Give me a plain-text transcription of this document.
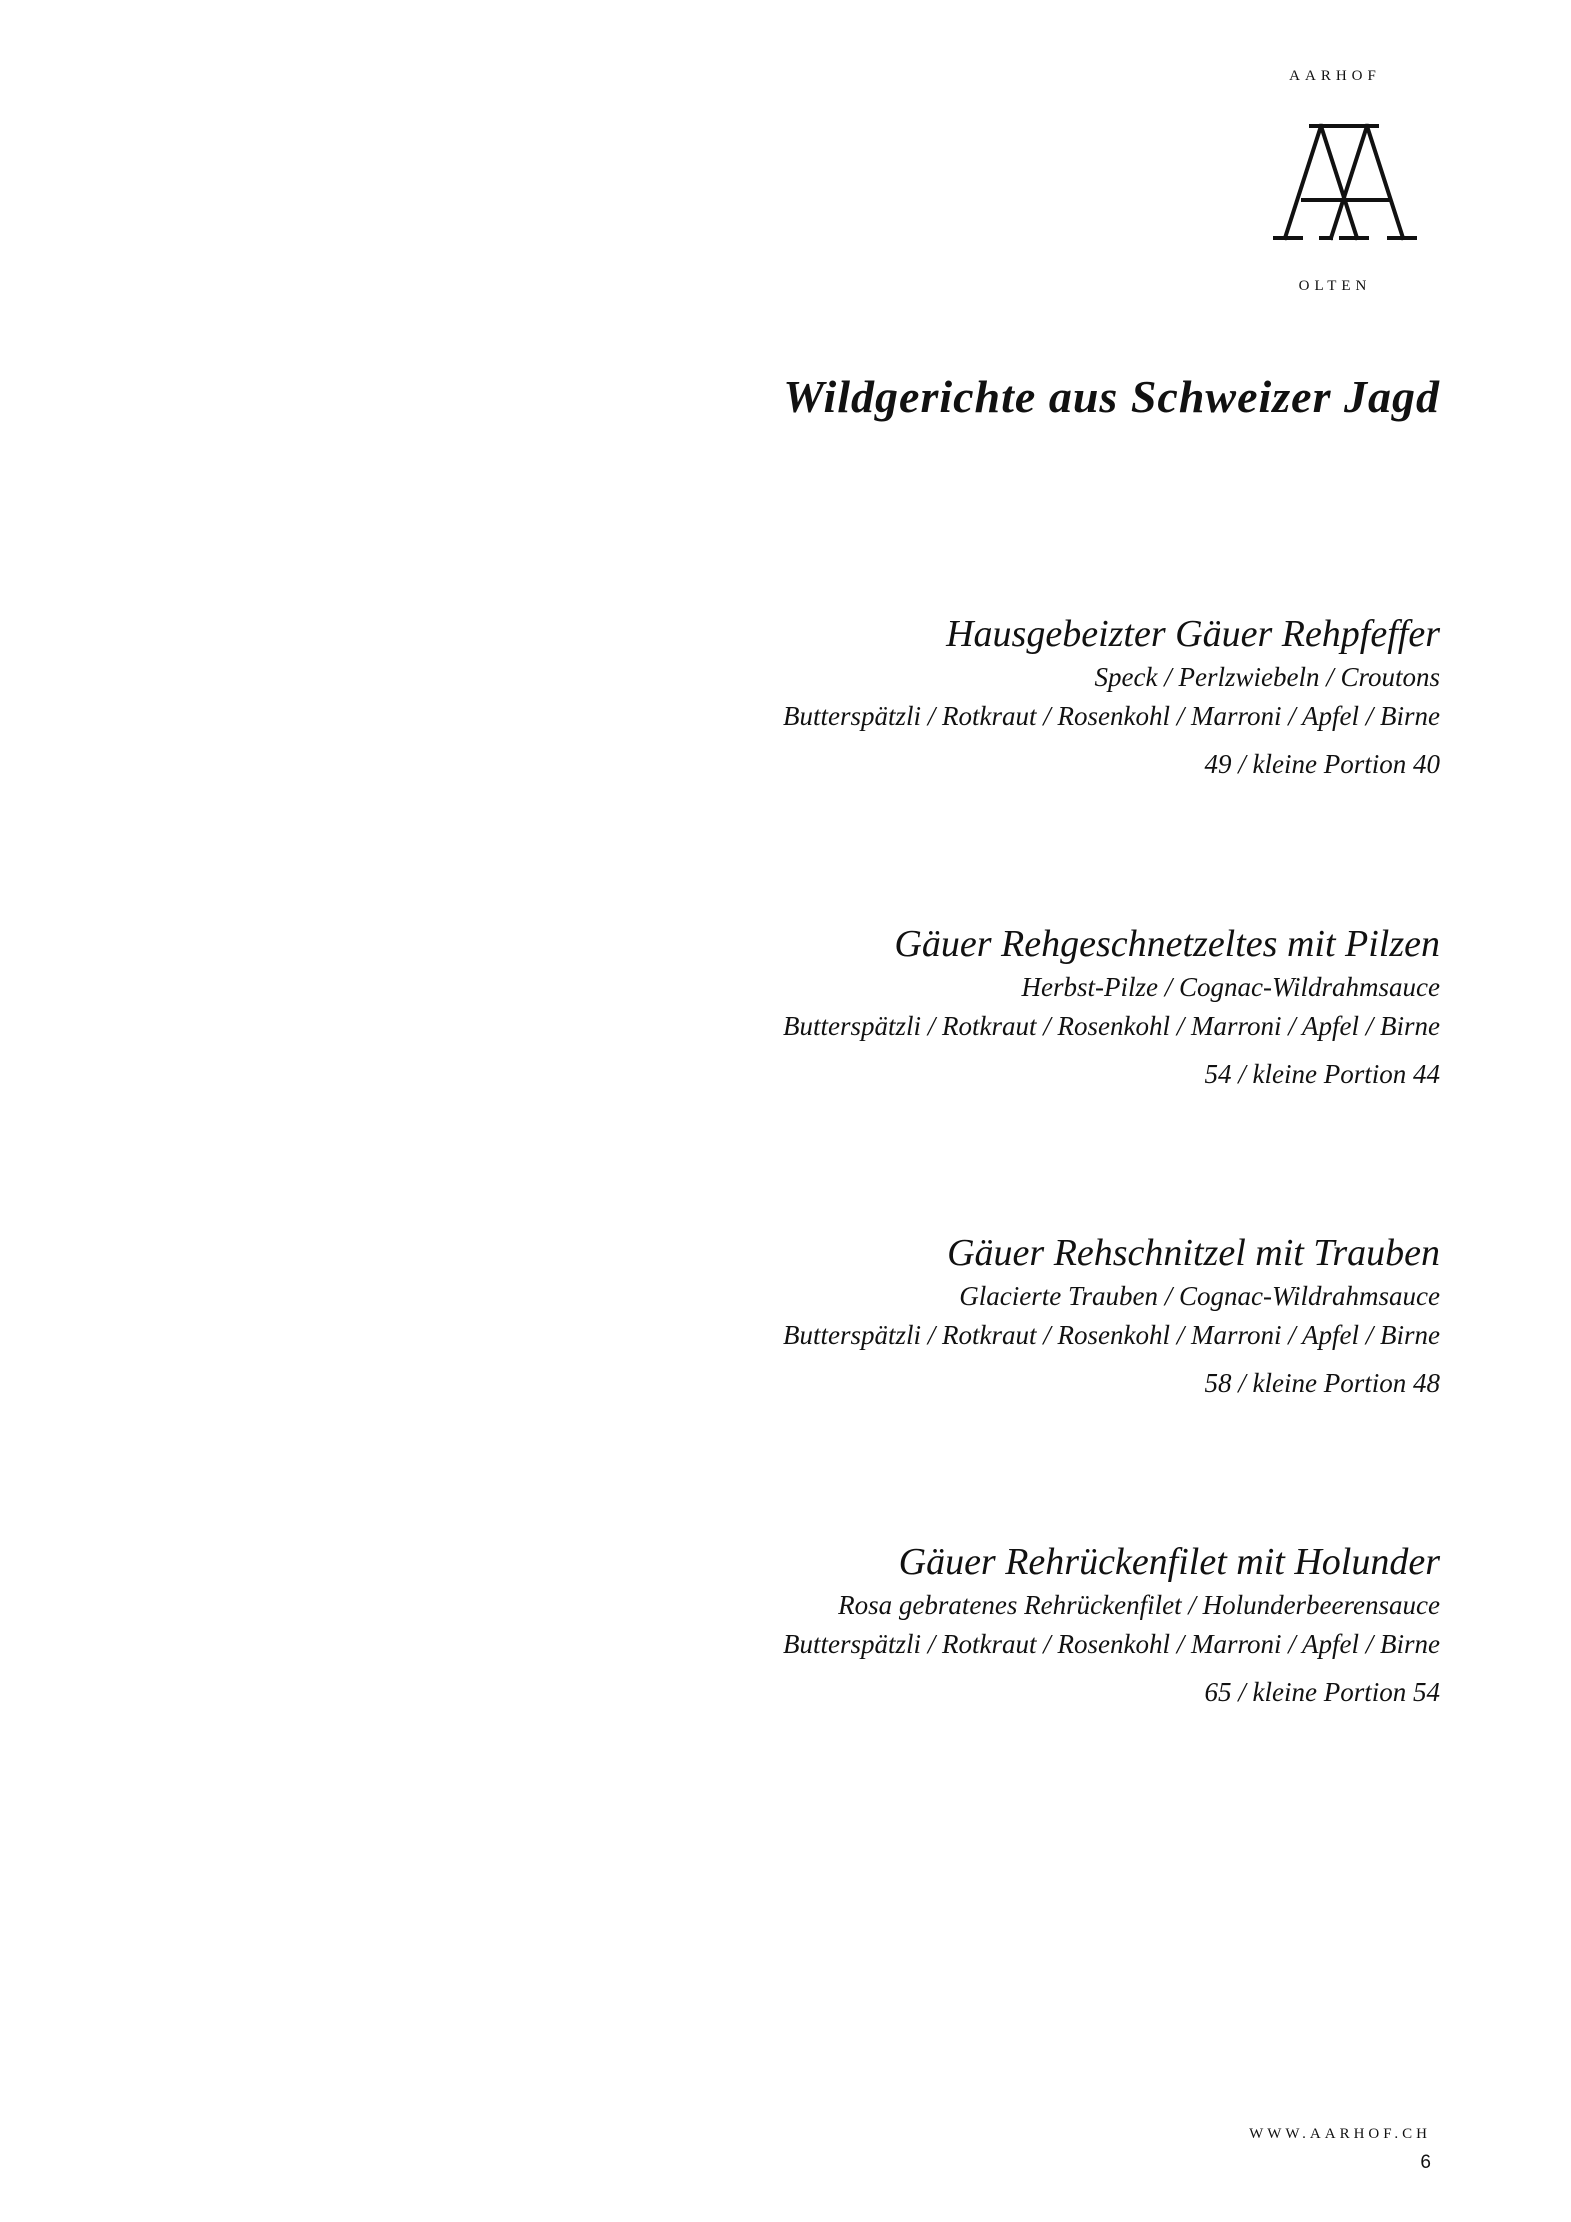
AARHOF
OLTEN
Wildgerichte aus Schweizer Jagd
Hausgebeizter Gäuer Rehpfeffer
Speck / Perlzwiebeln / Croutons
Butterspätzli / Rotkraut / Rosenkohl / Marroni / Apfel / Birne
49 / kleine Portion 40
Gäuer Rehgeschnetzeltes mit Pilzen
Herbst-Pilze / Cognac-Wildrahmsauce
Butterspätzli / Rotkraut / Rosenkohl / Marroni / Apfel / Birne
54 / kleine Portion 44
Gäuer Rehschnitzel mit Trauben
Glacierte Trauben / Cognac-Wildrahmsauce
Butterspätzli / Rotkraut / Rosenkohl / Marroni / Apfel / Birne
58 / kleine Portion 48
Gäuer Rehrückenfilet mit Holunder
Rosa gebratenes Rehrückenfilet / Holunderbeerensauce
Butterspätzli / Rotkraut / Rosenkohl / Marroni / Apfel / Birne
65 / kleine Portion 54
WWW.AARHOF.CH
6
